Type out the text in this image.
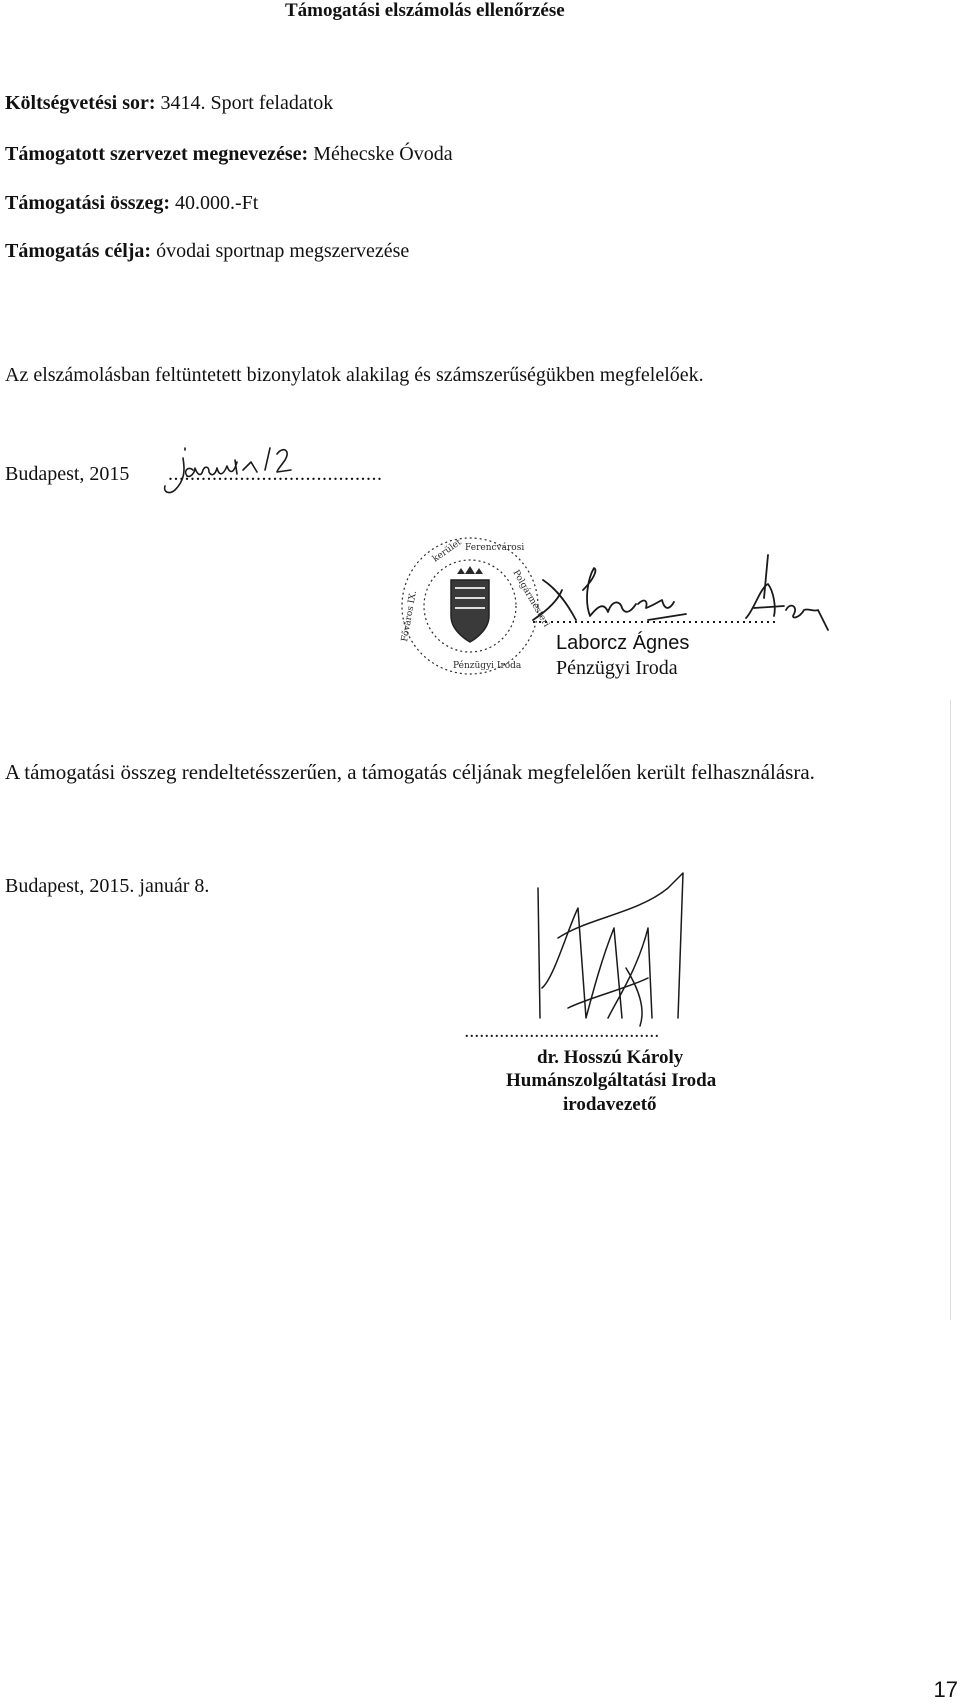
Támogatási elszámolás ellenőrzése
Költségvetési sor: 3414. Sport feladatok
Támogatott szervezet megnevezése: Méhecske Óvoda
Támogatási összeg: 40.000.-Ft
Támogatás célja: óvodai sportnap megszervezése
Az elszámolásban feltüntetett bizonylatok alakilag és számszerűségükben megfelelőek.
Budapest, 2015 .......................................
kerület Ferencvárosi
Polgármesteri
Főváros IX.
Pénzügyi Iroda
Laborcz Ágnes
Pénzügyi Iroda
A támogatási összeg rendeltetésszerűen, a támogatás céljának megfelelően került felhasználásra.
Budapest, 2015. január 8.
.......................................
dr. Hosszú Károly
Humánszolgáltatási Iroda
irodavezető
17
